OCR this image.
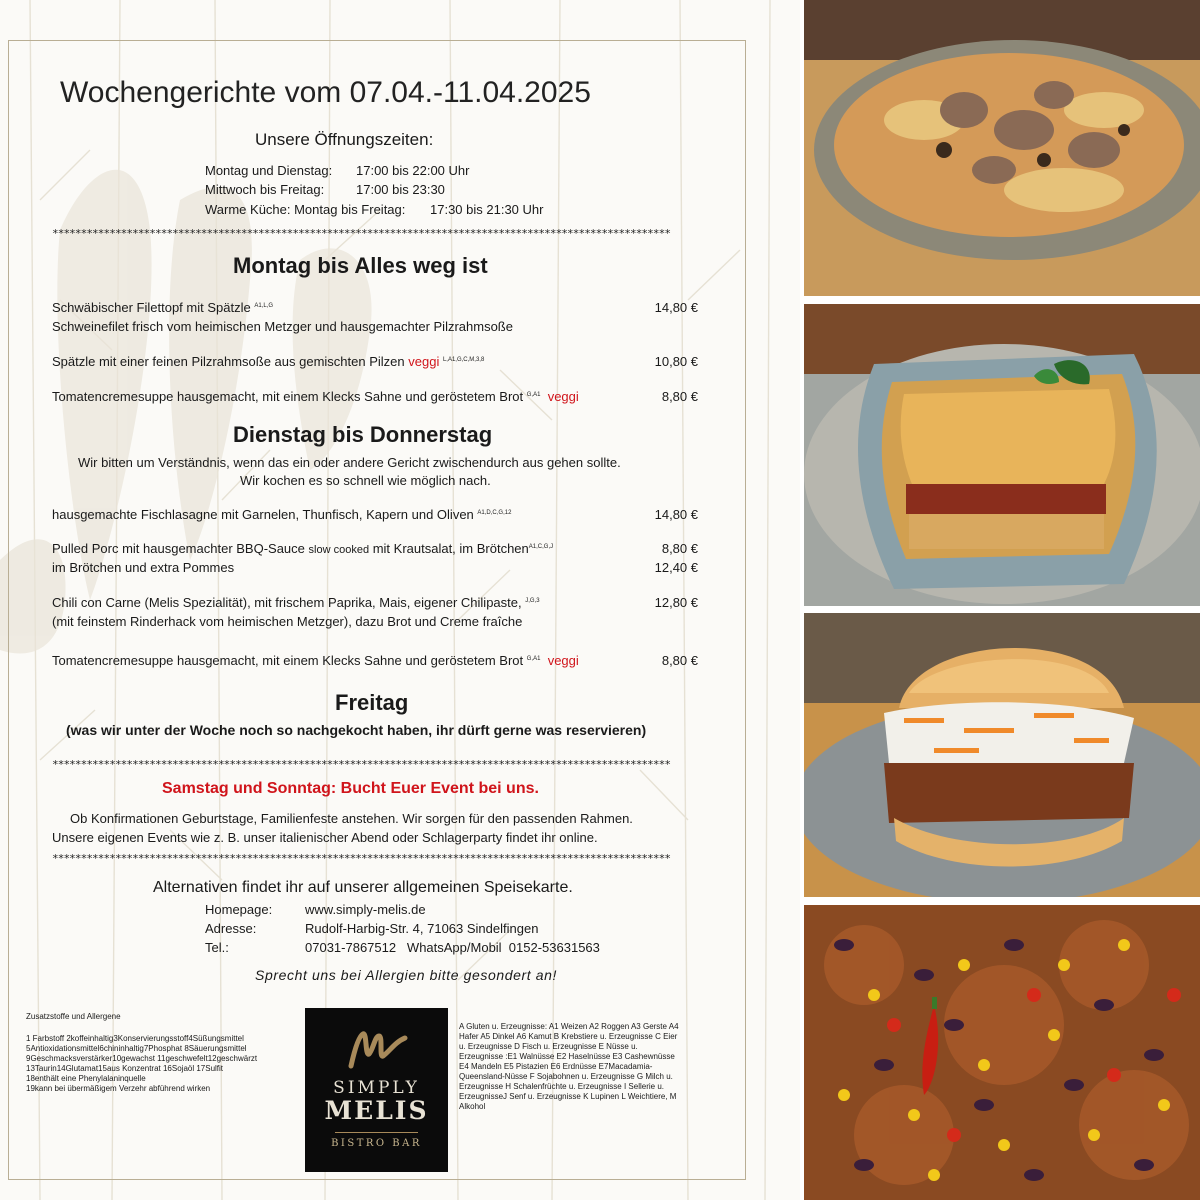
Wochengerichte vom 07.04.-11.04.2025
Unsere Öffnungszeiten:
Montag und Dienstag: 17:00 bis 22:00 Uhr
Mittwoch bis Freitag: 17:00 bis 23:30
Warme Küche: Montag bis Freitag: 17:30 bis 21:30 Uhr
************************************************************************************************************
Montag bis Alles weg ist
Schwäbischer Filettopf mit Spätzle $^{A1,L,G}$
Schweinefilet frisch vom heimischen Metzger und hausgemachter Pilzrahmsoße
14,80 €
Spätzle mit einer feinen Pilzrahmsoße aus gemischten Pilzen veggi $^{L,A1,G,C,M,3,8}$	10,80 €
Tomatencremesuppe hausgemacht, mit einem Klecks Sahne und geröstetem Brot $^{G,A1}$ veggi	8,80 €
Dienstag bis Donnerstag
Wir bitten um Verständnis, wenn das ein oder andere Gericht zwischendurch aus gehen sollte.
Wir kochen es so schnell wie möglich nach.
hausgemachte Fischlasagne mit Garnelen, Thunfisch, Kapern und Oliven $^{A1,D,C,G,12}$	14,80 €
Pulled Porc mit hausgemachter BBQ-Sauce slow cooked mit Krautsalat, im Brötchen$^{A1,C,G,J}$	8,80 €
im Brötchen und extra Pommes	12,40 €
Chili con Carne (Melis Spezialität), mit frischem Paprika, Mais, eigener Chilipaste, $^{J,G,3}$	12,80 €
(mit feinstem Rinderhack vom heimischen Metzger), dazu Brot und Creme fraîche
Tomatencremesuppe hausgemacht, mit einem Klecks Sahne und geröstetem Brot $^{G,A1}$ veggi	8,80 €
Freitag
(was wir unter der Woche noch so nachgekocht haben, ihr dürft gerne was reservieren)
************************************************************************************************************
Samstag und Sonntag: Bucht Euer Event bei uns.
Ob Konfirmationen Geburtstage, Familienfeste anstehen. Wir sorgen für den passenden Rahmen.
Unsere eigenen Events wie z. B. unser italienischer Abend oder Schlagerparty findet ihr online.
************************************************************************************************************
Alternativen findet ihr auf unserer allgemeinen Speisekarte.
Homepage:	www.simply-melis.de
Adresse:	Rudolf-Harbig-Str. 4, 71063 Sindelfingen
Tel.:	07031-7867512   WhatsApp/Mobil  0152-53631563
Sprecht uns bei Allergien bitte gesondert an!
Zusatzstoffe und Allergene
1 Farbstoff 2koffeinhaltig3Konservierungsstoff4Süßungsmittel
5Antioxidationsmittel6chininhaltig7Phosphat 8Säuerungsmittel
9Geschmacksverstärker10gewachst 11geschwefelt12geschwärzt
13Taurin14Glutamat15aus Konzentrat 16Sojaöl 17Sulfit
18enthält eine Phenylalaninquelle
19kann bei übermäßigem Verzehr abführend wirken	SIMPLY
MELIS
BISTRO BAR
A Gluten u. Erzeugnisse: A1 Weizen A2 Roggen A3 Gerste A4
Hafer A5 Dinkel A6 Kamut B Krebstiere u. Erzeugnisse C Eier
u. Erzeugnisse D Fisch u. Erzeugnisse E Nüsse u.
Erzeugnisse :E1 Walnüsse E2 Haselnüsse E3 Cashewnüsse
E4 Mandeln E5 Pistazien E6 Erdnüsse E7Macadamia-
Queensland-Nüsse F Sojabohnen u. Erzeugnisse G Milch u.
Erzeugnisse H Schalenfrüchte u. Erzeugnisse I Sellerie u.
ErzeugnisseJ Senf u. Erzeugnisse K Lupinen L Weichtiere, M
Alkohol
